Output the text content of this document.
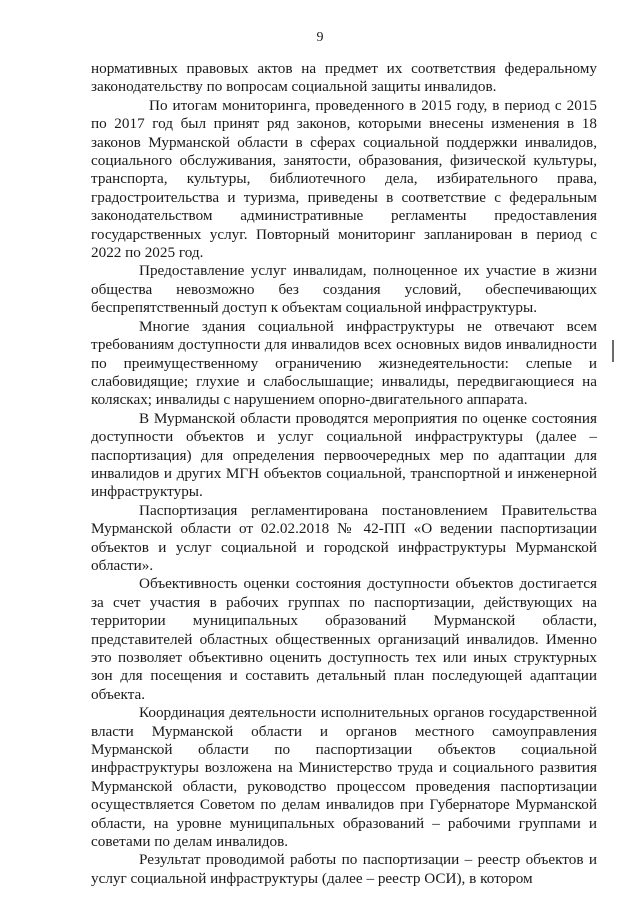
9

нормативных правовых актов на предмет их соответствия федеральному законодательству по вопросам социальной защиты инвалидов.

По итогам мониторинга, проведенного в 2015 году, в период с 2015 по 2017 год был принят ряд законов, которыми внесены изменения в 18 законов Мурманской области в сферах социальной поддержки инвалидов, социального обслуживания, занятости, образования, физической культуры, транспорта, культуры, библиотечного дела, избирательного права, градостроительства и туризма, приведены в соответствие с федеральным законодательством административные регламенты предоставления государственных услуг. Повторный мониторинг запланирован в период с 2022 по 2025 год.

Предоставление услуг инвалидам, полноценное их участие в жизни общества невозможно без создания условий, обеспечивающих беспрепятственный доступ к объектам социальной инфраструктуры.

Многие здания социальной инфраструктуры не отвечают всем требованиям доступности для инвалидов всех основных видов инвалидности по преимущественному ограничению жизнедеятельности: слепые и слабовидящие; глухие и слабослышащие; инвалиды, передвигающиеся на колясках; инвалиды с нарушением опорно-двигательного аппарата.

В Мурманской области проводятся мероприятия по оценке состояния доступности объектов и услуг социальной инфраструктуры (далее – паспортизация) для определения первоочередных мер по адаптации для инвалидов и других МГН объектов социальной, транспортной и инженерной инфраструктуры.

Паспортизация регламентирована постановлением Правительства Мурманской области от 02.02.2018 № 42-ПП «О ведении паспортизации объектов и услуг социальной и городской инфраструктуры Мурманской области».

Объективность оценки состояния доступности объектов достигается за счет участия в рабочих группах по паспортизации, действующих на территории муниципальных образований Мурманской области, представителей областных общественных организаций инвалидов. Именно это позволяет объективно оценить доступность тех или иных структурных зон для посещения и составить детальный план последующей адаптации объекта.

Координация деятельности исполнительных органов государственной власти Мурманской области и органов местного самоуправления Мурманской области по паспортизации объектов социальной инфраструктуры возложена на Министерство труда и социального развития Мурманской области, руководство процессом проведения паспортизации осуществляется Советом по делам инвалидов при Губернаторе Мурманской области, на уровне муниципальных образований – рабочими группами и советами по делам инвалидов.

Результат проводимой работы по паспортизации – реестр объектов и услуг социальной инфраструктуры (далее – реестр ОСИ), в котором
